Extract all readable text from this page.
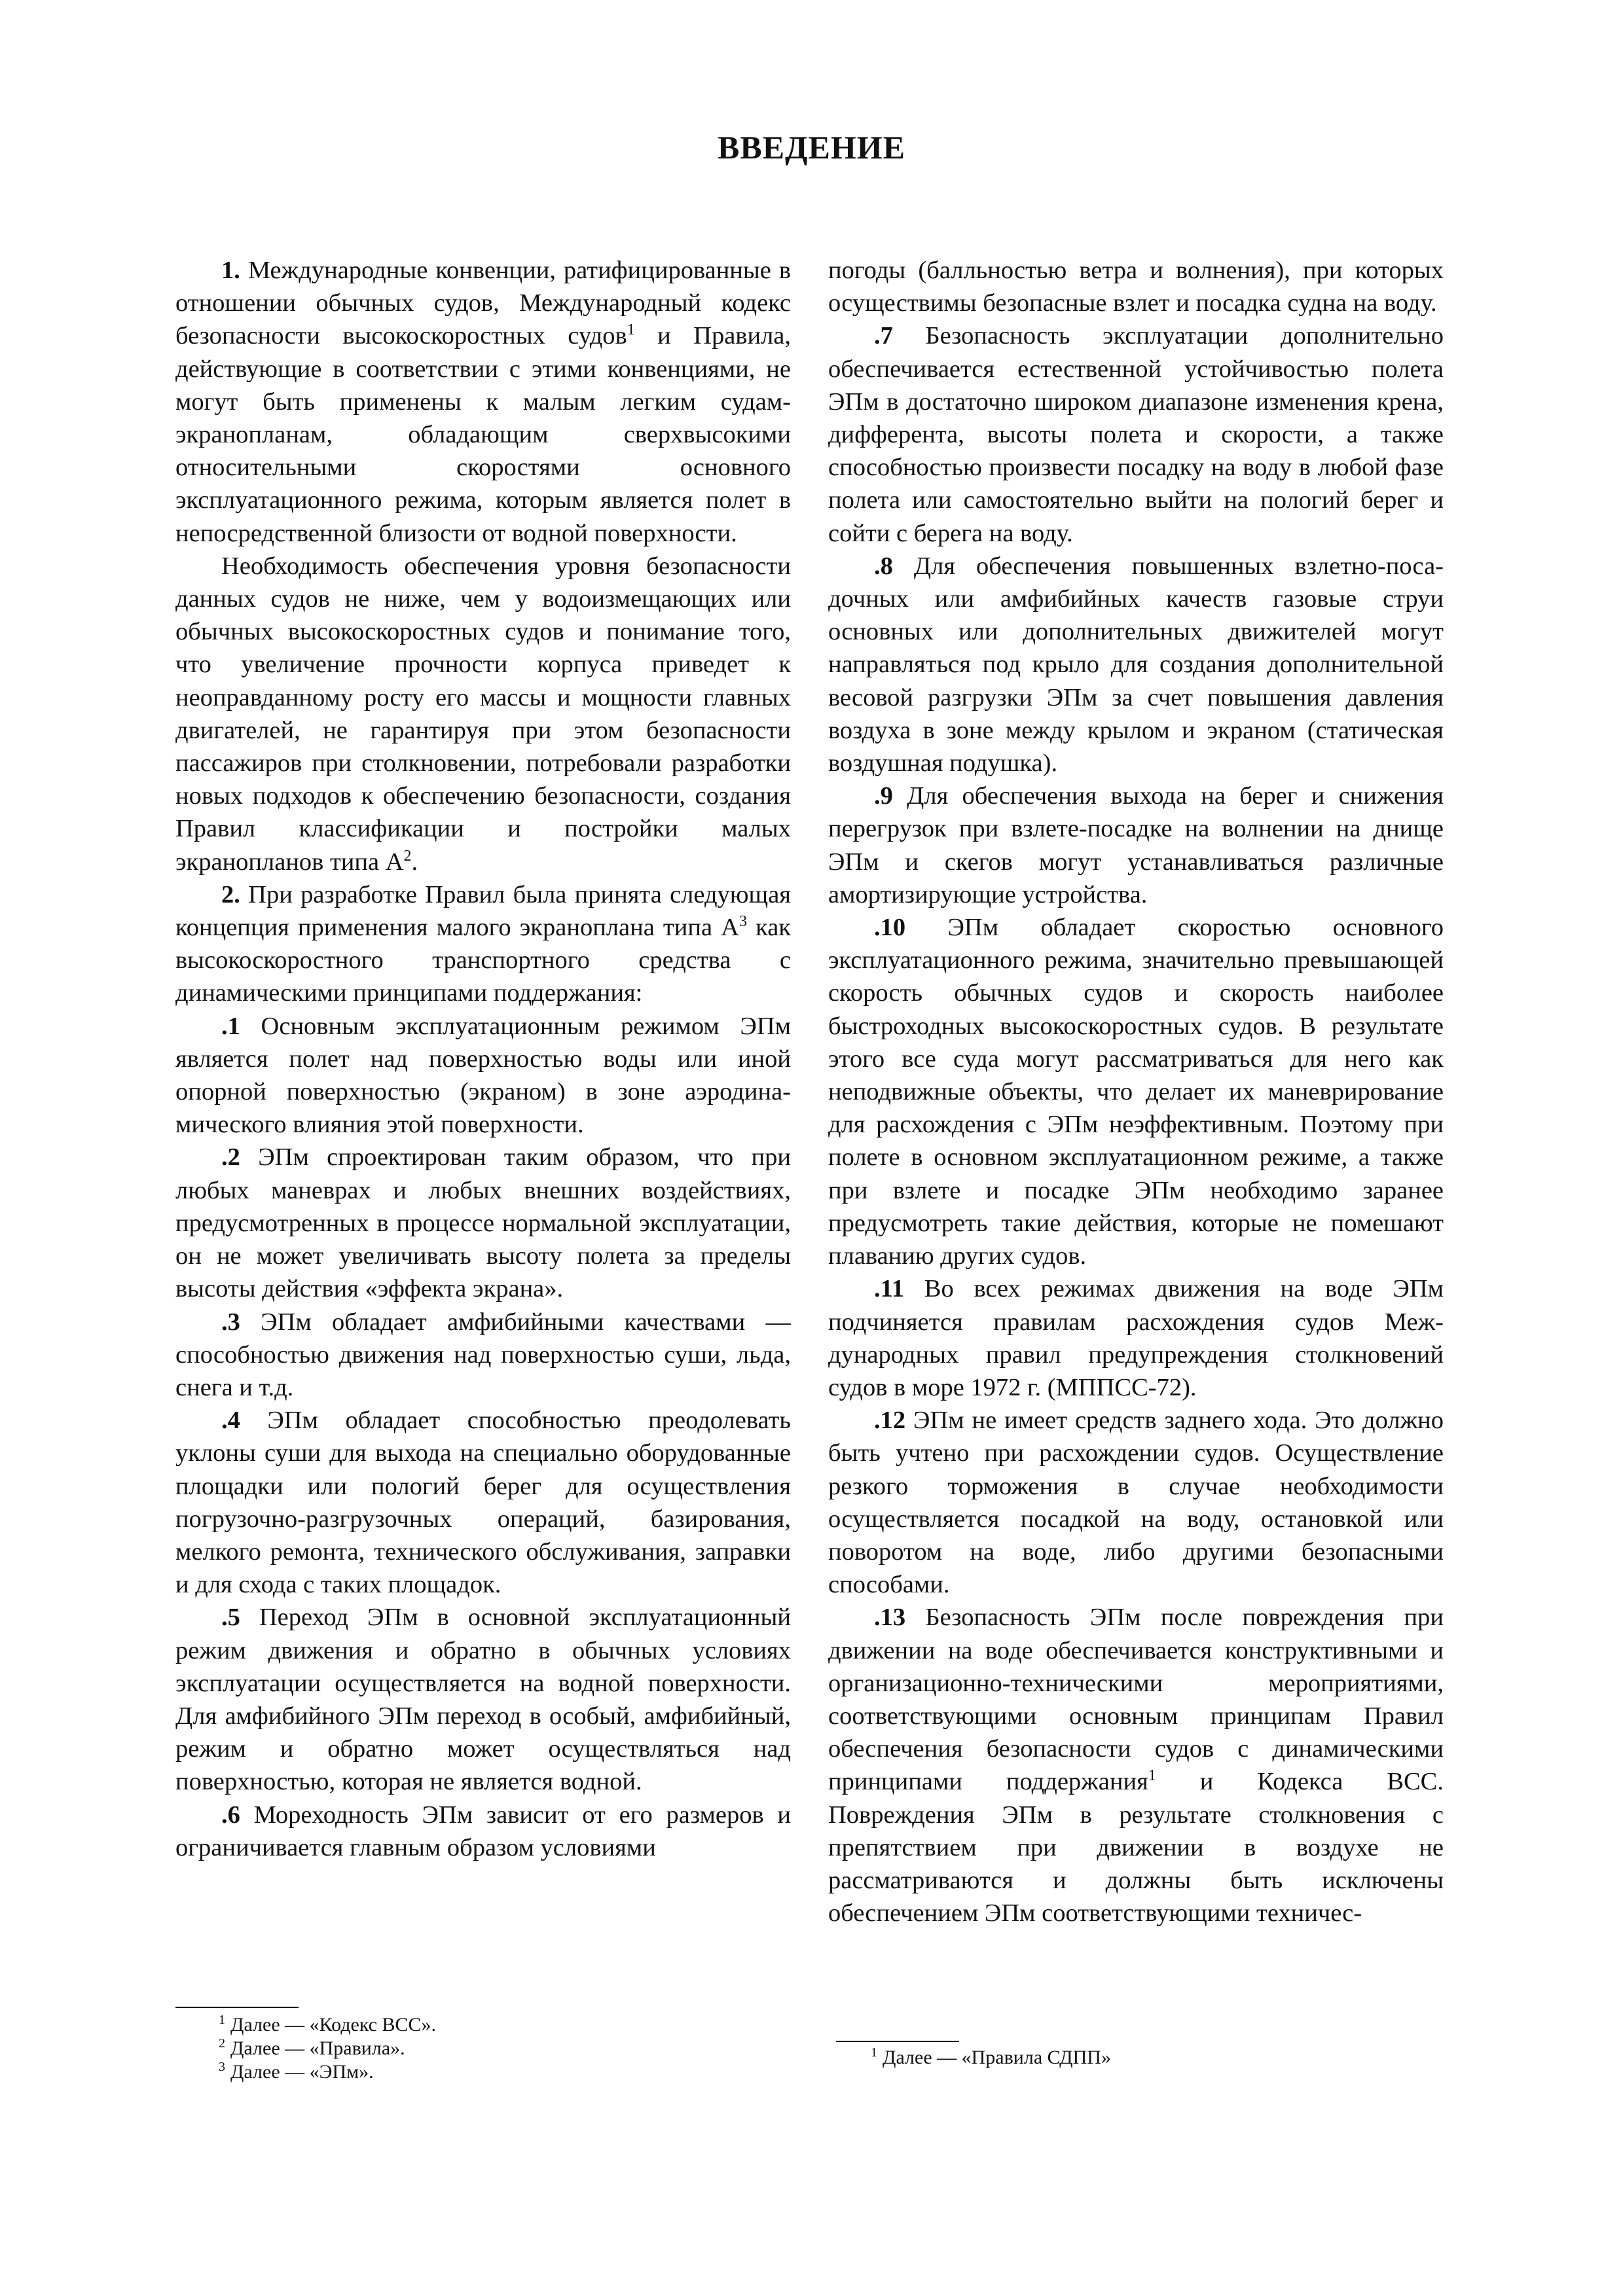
ВВЕДЕНИЕ

1. Международные конвенции, ратифицированные в отношении обычных судов, Международный кодекс безопасности высокоскоростных судов$^1$ и Правила, действующие в соответствии с этими конвенциями, не могут быть применены к малым легким судам-экранопланам, обладающим сверхвысокими относительными скоростями основного эксплуатационного режима, которым является полет в непосредственной близости от водной поверхности.

Необходимость обеспечения уровня безопасности данных судов не ниже, чем у водоизмещающих или обычных высокоскоростных судов и понимание того, что увеличение прочности корпуса приведет к неоправданному росту его массы и мощности главных двигателей, не гарантируя при этом безопасности пассажиров при столкновении, потребовали разработки новых подходов к обеспечению безопасности, создания Правил классификации и постройки малых экранопланов типа $А^2$.

2. При разработке Правил была принята следующая концепция применения малого экраноплана типа $А^3$ как высокоскоростного транспортного средства с динамическими принципами поддержания:

.1 Основным эксплуатационным режимом ЭПм является полет над поверхностью воды или иной опорной поверхностью (экраном) в зоне аэродинамического влияния этой поверхности.

.2 ЭПм спроектирован таким образом, что при любых маневрах и любых внешних воздействиях, предусмотренных в процессе нормальной эксплуатации, он не может увеличивать высоту полета за пределы высоты действия «эффекта экрана».

.3 ЭПм обладает амфибийными качествами — способностью движения над поверхностью суши, льда, снега и т.д.

.4 ЭПм обладает способностью преодолевать уклоны суши для выхода на специально оборудованные площадки или пологий берег для осуществления погрузочно-разгрузочных операций, базирования, мелкого ремонта, технического обслуживания, заправки и для схода с таких площадок.

.5 Переход ЭПм в основной эксплуатационный режим движения и обратно в обычных условиях эксплуатации осуществляется на водной поверхности. Для амфибийного ЭПм переход в особый, амфибийный, режим и обратно может осуществляться над поверхностью, которая не является водной.

.6 Мореходность ЭПм зависит от его размеров и ограничивается главным образом условиями

$^1$ Далее — «Кодекс ВСС».
$^2$ Далее — «Правила».
$^3$ Далее — «ЭПм».

погоды (балльностью ветра и волнения), при которых осуществимы безопасные взлет и посадка судна на воду.

.7 Безопасность эксплуатации дополнительно обеспечивается естественной устойчивостью полета ЭПм в достаточно широком диапазоне изменения крена, дифферента, высоты полета и скорости, а также способностью произвести посадку на воду в любой фазе полета или самостоятельно выйти на пологий берег и сойти с берега на воду.

.8 Для обеспечения повышенных взлетно-посадочных или амфибийных качеств газовые струи основных или дополнительных движителей могут направляться под крыло для создания дополнительной весовой разгрузки ЭПм за счет повышения давления воздуха в зоне между крылом и экраном (статическая воздушная подушка).

.9 Для обеспечения выхода на берег и снижения перегрузок при взлете-посадке на волнении на днище ЭПм и скегов могут устанавливаться различные амортизирующие устройства.

.10 ЭПм обладает скоростью основного эксплуатационного режима, значительно превышающей скорость обычных судов и скорость наиболее быстроходных высокоскоростных судов. В результате этого все суда могут рассматриваться для него как неподвижные объекты, что делает их маневрирование для расхождения с ЭПм неэффективным. Поэтому при полете в основном эксплуатационном режиме, а также при взлете и посадке ЭПм необходимо заранее предусмотреть такие действия, которые не помешают плаванию других судов.

.11 Во всех режимах движения на воде ЭПм подчиняется правилам расхождения судов Международных правил предупреждения столкновений судов в море 1972 г. (МППСС-72).

.12 ЭПм не имеет средств заднего хода. Это должно быть учтено при расхождении судов. Осуществление резкого торможения в случае необходимости осуществляется посадкой на воду, остановкой или поворотом на воде, либо другими безопасными способами.

.13 Безопасность ЭПм после повреждения при движении на воде обеспечивается конструктивными и организационно-техническими мероприятиями, соответствующими основным принципам Правил обеспечения безопасности судов с динамическими принципами поддержания$^1$ и Кодекса ВСС. Повреждения ЭПм в результате столкновения с препятствием при движении в воздухе не рассматриваются и должны быть исключены обеспечением ЭПм соответствующими техничес-

$^1$ Далее — «Правила СДПП»
